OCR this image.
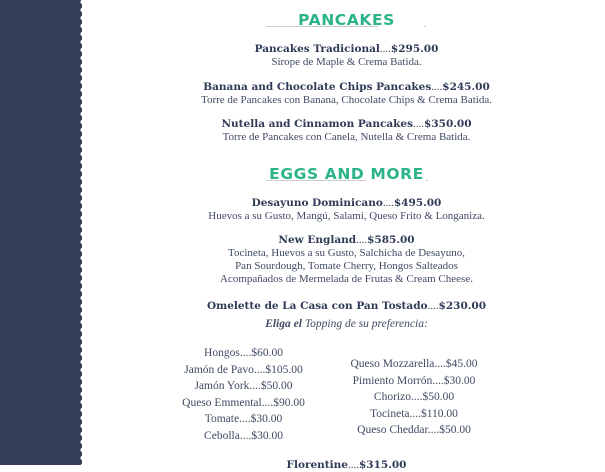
PANCAKES
Pancakes Tradicional....$295.00
Sirope de Maple & Crema Batida.
Banana and Chocolate Chips Pancakes....$245.00
Torre de Pancakes con Banana, Chocolate Chips & Crema Batida.
Nutella and Cinnamon Pancakes....$350.00
Torre de Pancakes con Canela, Nutella & Crema Batida.
EGGS AND MORE
Desayuno Dominicano....$495.00
Huevos a su Gusto, Mangú, Salami, Queso Frito & Longaniza.
New England....$585.00
Tocineta, Huevos a su Gusto, Salchicha de Desayuno,
Pan Sourdough, Tomate Cherry, Hongos Salteados
Acompañados de Mermelada de Frutas & Cream Cheese.
Omelette de La Casa con Pan Tostado....$230.00
Eliga el Topping de su preferencia:
Hongos....$60.00
Jamón de Pavo....$105.00
Jamón York....$50.00
Queso Emmental....$90.00
Tomate....$30.00
Cebolla....$30.00
Queso Mozzarella....$45.00
Pimiento Morrón....$30.00
Chorizo....$50.00
Tocineta....$110.00
Queso Cheddar....$50.00
Florentine....$315.00
